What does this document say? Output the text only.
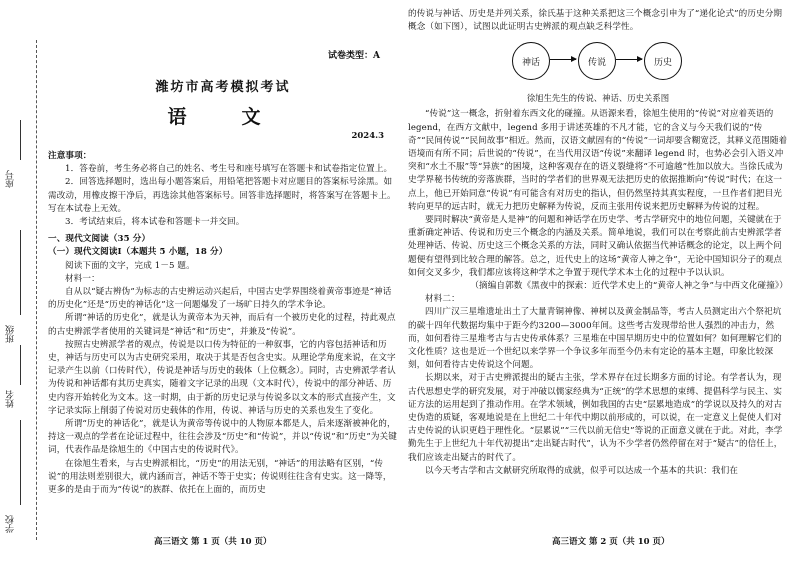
座号
班级
姓名
学校
试卷类型：A
潍坊市高考模拟考试
语　文
2024.3

注意事项：

1．答卷前，考生务必将自己的姓名、考生号和座号填写在答题卡和试卷指定位置上。

2．回答选择题时，选出每小题答案后，用铅笔把答题卡对应题目的答案标号涂黑。如需改动，用橡皮擦干净后，再选涂其他答案标号。回答非选择题时，将答案写在答题卡上。写在本试卷上无效。

3．考试结束后，将本试卷和答题卡一并交回。

一、现代文阅读（35 分）

（一）现代文阅读Ⅰ（本题共 5 小题，18 分）

阅读下面的文字，完成 1－5 题。

材料一：

自从以“疑古辨伪”为标志的古史辨运动兴起后，中国古史学界围绕着黄帝事迹是“神话的历史化”还是“历史的神话化”这一问题爆发了一场旷日持久的学术争论。

所谓“神话的历史化”，就是认为黄帝本为天神，而后有一个被历史化的过程，持此观点的古史辨派学者使用的关键词是“神话”和“历史”，并兼及“传说”。

按照古史辨派学者的观点，传说是以口传为特征的一种叙事，它的内容包括神话和历史，神话与历史可以为古史研究采用，取决于其是否包含史实。从理论学角度来说，在文字记录产生以前（口传时代），传说是神话与历史的载体（上位概念）。同时，古史辨派学者认为传说和神话都有其历史真实，随着文字记录的出现（文本时代），传说中的部分神话、历史内容开始转化为文本。这一时期，由于新的历史记录与传说多以文本的形式直接产生，文字记录实际上削弱了传说对历史载体的作用，传说、神话与历史的关系也发生了变化。

所谓“历史的神话化”，就是认为黄帝等传说中的人物原本都是人，后来逐渐被神化的，持这一观点的学者在论证过程中，往往会涉及“历史”和“传说”，并以“传说”和“历史”为关键词，代表作品是徐旭生的《中国古史的传说时代》。

在徐旭生看来，与古史辨派相比，“历史”的用法无别，“神话”的用法略有区别，“传说”的用法则差别很大，就内涵而言，神话不等于史实；传说则往往含有史实。这一降等，更多的是由于而为“传说”的族群、依托在上面的，而历史

高三语文 第 1 页（共 10 页）

的传说与神话、历史是并列关系，徐氏基于这种关系把这三个概念引申为了“递化论式”的历史分期概念（如下图），试图以此证明古史辨派的观点缺乏科学性。

神话	传说	历史

徐旭生先生的传说、神话、历史关系图

“传说”这一概念，折射着东西文化的碰撞。从语源来看，徐旭生使用的“传说”对应着英语的legend，在西方文献中，legend 多用于讲述英雄的不凡才能，它的含义与今天我们说的“传奇”“民间传说”“民间故事”相近。然而，汉语文献固有的“传说”一词却要含糊宽泛，其释义范围随着语境而有所不同；后世说的“传说”，在当代用汉语“传说”来翻译 legend 时，也势必会引入语义冲突和“水土不服”等“异族”的困境，这种客观存在的语义裂缝将“不可逾越”性加以放大。当徐氏成为史学界秘书传统的旁落族群，当时的学者们的世界观无法把历史的依据推断向“传说”时代；在这一点上，他已开始同意“传说”有可能含有对历史的指认，但仍然坚持其真实程度，一旦作者们把目光转向更早的远古时，就无力把历史解释为传说，反而主张用传说来把历史解释为传说的过程。

要同时解决“黄帝是人是神”的问题和神话学在历史学、考古学研究中的地位问题，关键就在于重新确定神话、传说和历史三个概念的内涵及关系。简单地说，我们可以在考察此前古史辨派学者处理神话、传说、历史这三个概念关系的方法，同时又确认依据当代神话概念的论定，以上两个问题便有望得到比较合理的解答。总之，近代史上的这场“黄帝人神之争”，无论中国知识分子的观点如何交叉多少，我们都应该将这种学术之争置于现代学术本土化的过程中予以认识。

（摘编自郭数《黑夜中的探索：近代学术史上的“黄帝人神之争”与中西文化碰撞》）

材料二：

四川广汉三星堆遗址出土了大量青铜神像、神树以及黄金制品等，考古人员测定出六个祭祀坑的碳十四年代数据均集中于距今约3200—3000年间。这些考古发现带给世人强烈的冲击力，然而，如何看待三星堆考古与古史传承体系？三星堆在中国早期历史中的位置如何？如何理解它们的文化性质？这也是近一个世纪以来学界一个争议多年而至今仍未有定论的基本主题，印象比较深刻，如何看待古史传说这个问题。

长期以来，对于古史辨派提出的疑古主张，学术界存在过长期多方面的讨论。有学者认为，现古代思想史学的研究发展，对于冲破以儒家经典为“正统”的学术思想的束缚、提倡科学与民主、实证方法的运用起到了推动作用。在学术领域，例如我国的古史“层累地造成”的学说以及持久的对古史伪造的质疑，客观地说是在上世纪二十年代中期以前形成的，可以说，在一定意义上促使人们对古史传说的认识更趋于理性化。“层累说”“三代以前无信史”等说的正面意义就在于此。对此，李学勤先生于上世纪九十年代初提出“走出疑古时代”，认为不少学者仍然停留在对于“疑古”的信任上，我们应该走出疑古的时代了。

以今天考古学和古文献研究所取得的成就，似乎可以达成一个基本的共识：我们在

高三语文 第 2 页（共 10 页）
